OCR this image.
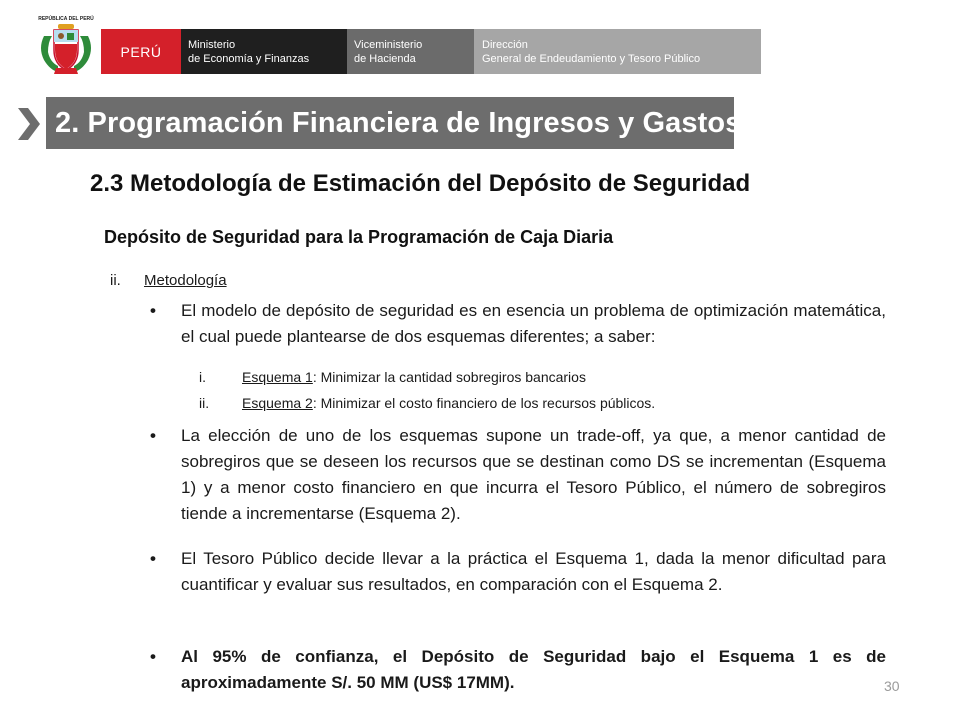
REPÚBLICA DEL PERÚ
PERÚ Ministerio
de Economía y Finanzas
Viceministerio
de Hacienda
Dirección
General de Endeudamiento y Tesoro Público
2. Programación Financiera de Ingresos y Gastos
2.3 Metodología de Estimación del Depósito de Seguridad
Depósito de Seguridad para la Programación de Caja Diaria
ii. Metodología
•	El modelo de depósito de seguridad es en esencia un problema de optimización matemática, el cual puede plantearse de dos esquemas diferentes; a saber:
i.	Esquema 1: Minimizar la cantidad sobregiros bancarios
ii. Esquema 2: Minimizar el costo financiero de los recursos públicos.
•	La elección de uno de los esquemas supone un trade-off, ya que, a menor cantidad de sobregiros que se deseen los recursos que se destinan como DS se incrementan (Esquema 1) y a menor costo financiero en que incurra el Tesoro Público, el número de sobregiros tiende a incrementarse (Esquema 2).
•	El Tesoro Público decide llevar a la práctica el Esquema 1, dada la menor dificultad para cuantificar y evaluar sus resultados, en comparación con el Esquema 2.
•	Al 95% de confianza, el Depósito de Seguridad bajo el Esquema 1 es de aproximadamente S/. 50 MM (US$ 17MM).	30
